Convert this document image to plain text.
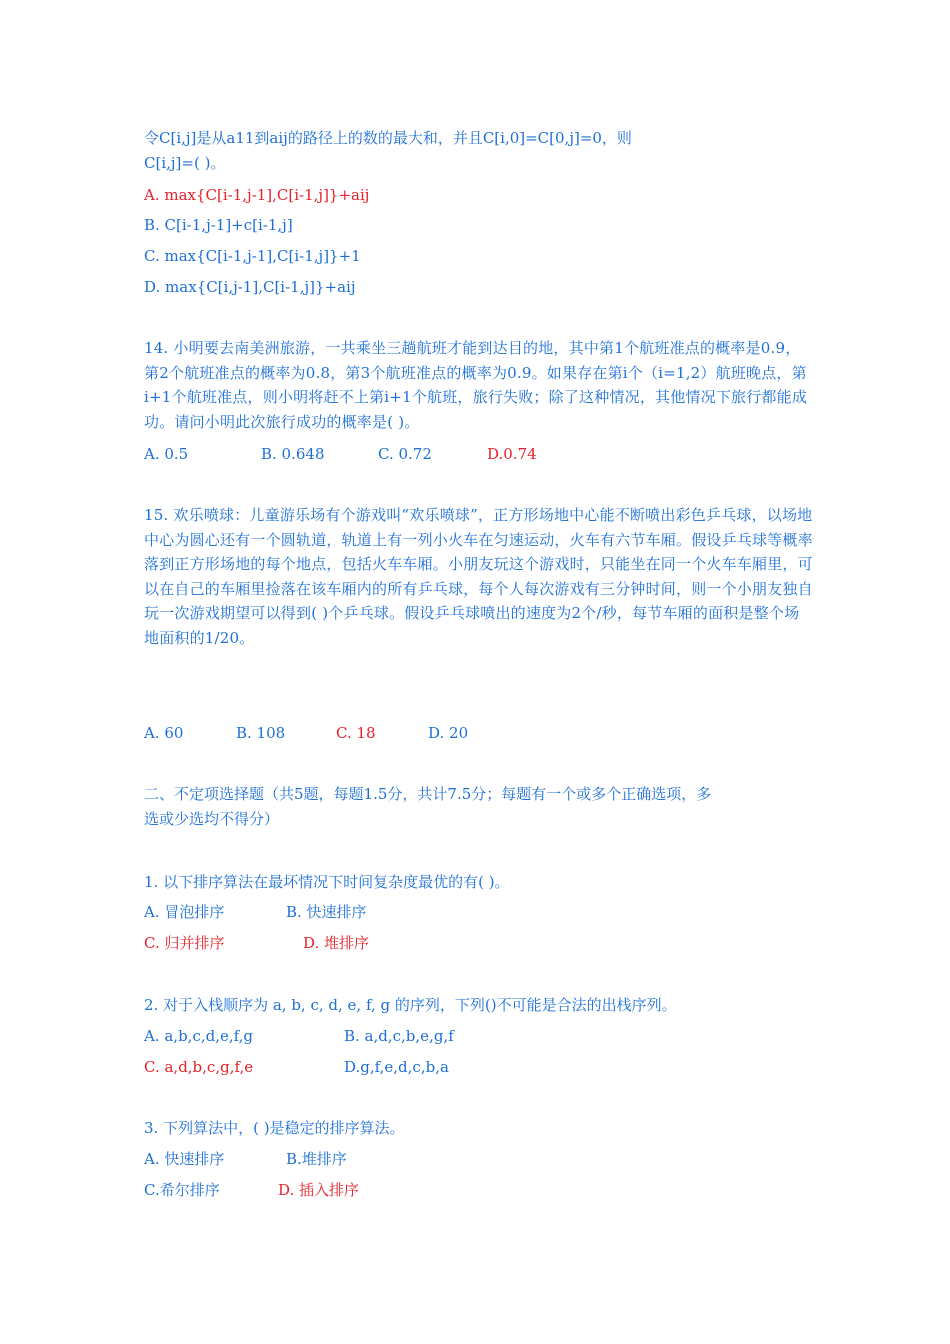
令C[i,j]是从a11到aij的路径上的数的最大和，并且C[i,0]=C[0,j]=0，则
C[i,j]=( )。
A. max{C[i-1,j-1],C[i-1,j]}+aij
B. C[i-1,j-1]+c[i-1,j]
C. max{C[i-1,j-1],C[i-1,j]}+1
D. max{C[i,j-1],C[i-1,j]}+aij
14. 小明要去南美洲旅游，一共乘坐三趟航班才能到达目的地，其中第1个航班准点的概率是0.9，第2个航班准点的概率为0.8，第3个航班准点的概率为0.9。如果存在第i个（i=1,2）航班晚点，第i+1个航班准点，则小明将赶不上第i+1个航班，旅行失败；除了这种情况，其他情况下旅行都能成功。请问小明此次旅行成功的概率是( )。
A. 0.5	B. 0.648	C. 0.72	D.0.74
15. 欢乐喷球：儿童游乐场有个游戏叫“欢乐喷球”，正方形场地中心能不断喷出彩色乒乓球，以场地中心为圆心还有一个圆轨道，轨道上有一列小火车在匀速运动，火车有六节车厢。假设乒乓球等概率落到正方形场地的每个地点，包括火车车厢。小朋友玩这个游戏时，只能坐在同一个火车车厢里，可以在自己的车厢里捡落在该车厢内的所有乒乓球，每个人每次游戏有三分钟时间，则一个小朋友独自玩一次游戏期望可以得到( )个乒乓球。假设乒乓球喷出的速度为2个/秒，每节车厢的面积是整个场地面积的1/20。
A. 60	B. 108	C. 18	D. 20
二、不定项选择题（共5题，每题1.5分，共计7.5分；每题有一个或多个正确选项，多
选或少选均不得分）
1. 以下排序算法在最坏情况下时间复杂度最优的有( )。
A. 冒泡排序	B. 快速排序
C. 归并排序	D. 堆排序
2. 对于入栈顺序为 a, b, c, d, e, f, g 的序列，下列()不可能是合法的出栈序列。
A. a,b,c,d,e,f,g	B. a,d,c,b,e,g,f
C. a,d,b,c,g,f,e	D.g,f,e,d,c,b,a
3. 下列算法中，( )是稳定的排序算法。
A. 快速排序	B.堆排序
C.希尔排序	D. 插入排序
